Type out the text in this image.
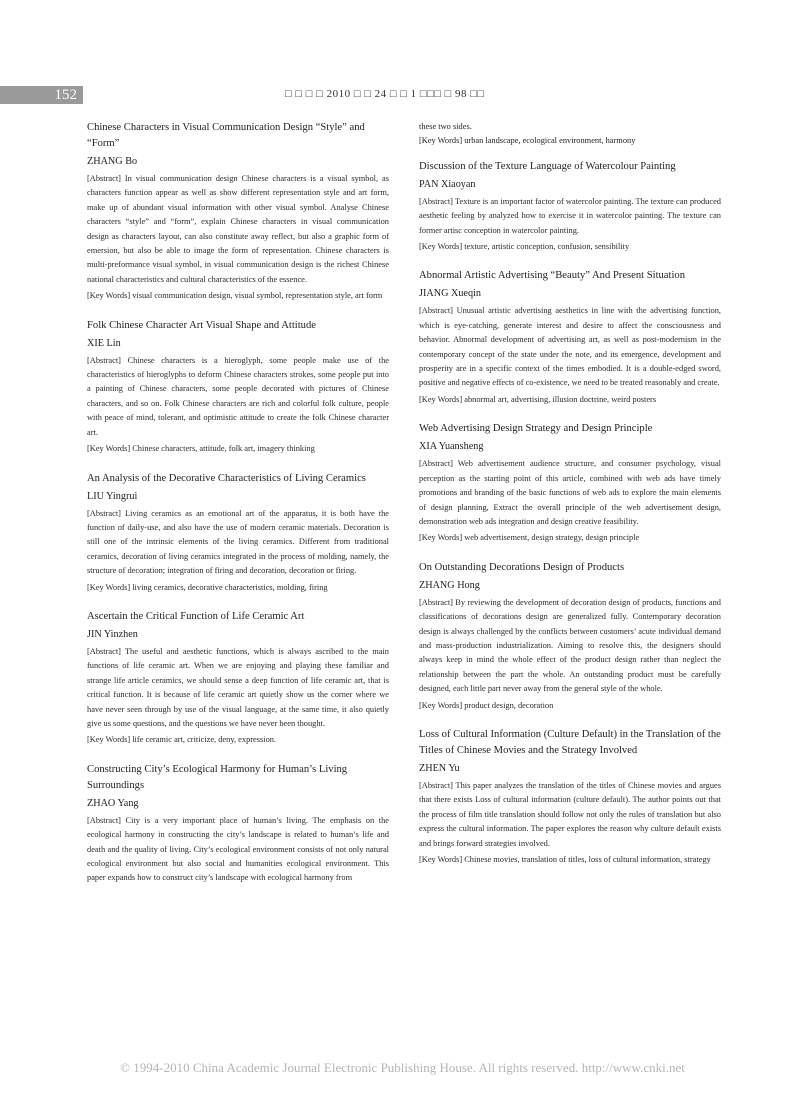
152	□ □ □ □ 2010 □ □ 24 □ □ 1 □□□ □ 98 □□

Chinese Characters in Visual Communication Design “Style” and “Form”

ZHANG Bo

[Abstract] In visual communication design Chinese characters is a visual symbol, as characters function appear as well as show different representation style and art form, make up of abundant visual information with other visual symbol. Analyse Chinese characters “style” and “form”, explain Chinese characters in visual communication design as characters layout, can also constitute away reflect, but also a graphic form of emersion, but also be able to image the form of representation. Chinese characters is multi-preformance visual symbol, in visual communication design is the richest Chinese national characteristics and cultural characteristics of the essence.

[Key Words] visual communication design, visual symbol, representation style, art form

Folk Chinese Character Art Visual Shape and Attitude

XIE Lin

[Abstract] Chinese characters is a hieroglyph, some people make use of the characteristics of hieroglyphs to deform Chinese characters strokes, some people put into a painting of Chinese characters, some people decorated with pictures of Chinese characters, and so on. Folk Chinese characters are rich and colorful folk culture, people with peace of mind, tolerant, and optimistic attitude to create the folk Chinese character art.

[Key Words] Chinese characters, attitude, folk art, imagery thinking

An Analysis of the Decorative Characteristics of Living Ceramics

LIU Yingrui

[Abstract] Living ceramics as an emotional art of the apparatus, it is both have the function of daily-use, and also have the use of modern ceramic materials. Decoration is still one of the intrinsic elements of the living ceramics. Different from traditional ceramics, decoration of living ceramics integrated in the process of molding, namely, the structure of decoration; integration of firing and decoration, decoration or firing.

[Key Words] living ceramics, decorative characteristics, molding, firing

Ascertain the Critical Function of Life Ceramic Art

JIN Yinzhen

[Abstract] The useful and aesthetic functions, which is always ascribed to the main functions of life ceramic art. When we are enjoying and playing these familiar and strange life article ceramics, we should sense a deep function of life ceramic art, that is critical function. It is because of life ceramic art quietly show us the corner where we have never seen through by use of the visual language, at the same time, it also quietly give us some questions, and the questions we have never been thought.

[Key Words] life ceramic art, criticize, deny, expression.

Constructing City’s Ecological Harmony for Human’s Living Surroundings

ZHAO Yang

[Abstract] City is a very important place of human’s living. The emphasis on the ecological harmony in constructing the city’s landscape is related to human’s life and death and the quality of living. City’s ecological environment consists of not only natural ecological environment but also social and humanities ecological environment. This paper expands how to construct city’s landscape with ecological harmony from

these two sides.
[Key Words] urban landscape, ecological environment, harmony

Discussion of the Texture Language of Watercolour Painting

PAN Xiaoyan

[Abstract] Texture is an important factor of watercolor painting. The texture can produced aesthetic feeling by analyzed how to exercise it in watercolor painting. The texture can former artisc conception in watercolor painting.

[Key Words] texture, artistic conception, confusion, sensibility

Abnormal Artistic Advertising “Beauty” And Present Situation

JIANG Xueqin

[Abstract] Unusual artistic advertising aesthetics in line with the advertising function, which is eye-catching, generate interest and desire to affect the consciousness and behavior. Abnormal development of advertising art, as well as post-modernism in the contemporary concept of the state under the note, and its emergence, development and prosperity are in a specific context of the times embodied. It is a double-edged sword, positive and negative effects of co-existence, we need to be treated reasonably and create.

[Key Words] abnormal art, advertising, illusion doctrine, weird posters

Web Advertising Design Strategy and Design Principle

XIA Yuansheng

[Abstract] Web advertisement audience structure, and consumer psychology, visual perception as the starting point of this article, combined with web ads have timely promotions and branding of the basic functions of web ads to explore the main elements of design planning, Extract the overall principle of the web advertisement design, demonstration web ads integration and design creative feasibility.

[Key Words] web advertisement, design strategy, design principle

On Outstanding Decorations Design of Products

ZHANG Hong

[Abstract] By reviewing the development of decoration design of products, functions and classifications of decorations design are generalized fully. Contemporary decoration design is always challenged by the conflicts between customers’ acute individual demand and mass-production industrialization. Aiming to resolve this, the designers should always keep in mind the whole effect of the product design rather than neglect the relationship between the part the whole. An outstanding product must be carefully designed, each little part never away from the general style of the whole.

[Key Words] product design, decoration

Loss of Cultural Information (Culture Default) in the Translation of the Titles of Chinese Movies and the Strategy Involved

ZHEN Yu

[Abstract] This paper analyzes the translation of the titles of Chinese movies and argues that there exists Loss of cultural information (culture default). The author points out that the process of film title translation should follow not only the rules of translation but also express the cultural information. The paper explores the reason why culture default exists and brings forward strategies involved.

[Key Words] Chinese movies, translation of titles, loss of cultural information, strategy

© 1994-2010 China Academic Journal Electronic Publishing House. All rights reserved. http://www.cnki.net
